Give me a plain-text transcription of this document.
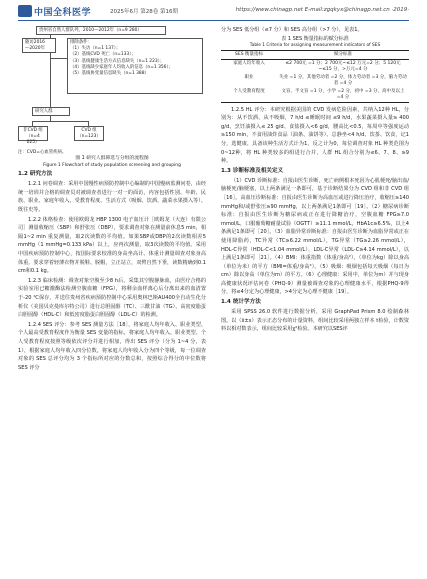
中国全科医学	2025年6月 第28卷 第16期	https://www.chinagp.net E-mail:zgqkyx@chinagp.net.cn ·2019·
贵州省自然人群队列，2010—2012年（n=9 280）
随访2016
—2020年
排除条件：
（1）失访（n=1 137）；
（2）基线CVD 死亡（n=133）；
（3）基线健康生活方式信息缺失（n=1 223）；
（4）基线缺少家庭年人均收入的信息（n=1 356）；
（5）基线协变量信息缺失（n=1 388）
研究人群
非CVD 组
（n=4 025）
CVD 组
（n=123）

注：CVD=心血管疾病。

图 1 研究人群筛选与分组的流程图

Figure 1 Flowchart of study population screening and grouping

1.2 研究方法

1.2.1 问卷调查：采用中国慢性病预防控制中心编制的中国慢病监测问卷，由经统一培训并合格的调查员对被调查者进行一对一的面访，内容包括性别、年龄、民族、职业、家庭年收入、受教育程度、生活方式（吸烟、饮酒、蔬菜水果摄入等）、既往史等。

1.2.2 体格检查：使用欧姆龙 HBP 1300 电子血压计［欧姆龙（大连）有限公司］测量收缩压（SBP）和舒张压（DBP），要求调查对象在测量前休息5 min，相隔1~2 min 重复测量，取2次读数的平均值。如果SBP或DBP的2次读数相差5 mmHg（1 mmHg=0.133 kPa）以上，应再次测量，取3次读数的平均值。采用中国疾病预防控制中心，按国际要求校准的身高坐高计、体重计测量调查对象身高体重。要求穿着轻薄衣物并脱鞋、脱帽，立正站立，双臂自然下垂，读数精确到0.1 cm和0.1 kg。

1.2.3 临床检测：调查对象空腹至少8 h后，采集其空腹静脉血，由医疗合格的实验室用已糖激酶法检测空腹血糖（FPG），将剩余血样离心后分离出来的血清置于-20 ℃保存，并送往贵州省疾病预防控制中心采用奥林巴斯AU400全自动生化分析仪（美国贝克曼库尔特公司）进行总胆固醇（TC）、三酰甘油（TG）、高密度脂蛋白胆固醇（HDL-C）和低密度脂蛋白胆固醇（LDL-C）的检测。

1.2.4 SES 评分：参考 SES 测量方法［18］，将家庭人均年收入、职业类型、个人最高受教育程度作为衡量 SES 变量的指标，将家庭人均年收入、职业类型、个人受教育程度按照等级依次评分并进行相加，得出 SES 评分（分为 1~4 分，表1），根据家庭人均年收入四分位数，将家庭人均年收入分为四个等级，每一位调查对象的 SES 总评分均为 3 个指标所对应的分数总和，按照综合得分的中位数将 SES 评分

分为 SES 低分组（≤7 分）和 SES 高分组（>7 分），见表1。

表 1 SES 衡量指标的赋分标准

Table 1 Criteria for assigning measurement indicators of SES

SES 衡量指标	赋分标准
家庭人均年收入	≤2 700元 =1 分；2 700元~≤12 万元=2 分；5 120元~≤15 分，>万元=4 分
职业	失业 =1 分，其他劳动者 =2 分，体力劳动者 =3 分，脑力劳动者 =4 分
个人受教育程度	文盲、半文盲 =1 分，小学 =2 分，初中 =3 分，高中及以上 =4 分

1.2.5 HL 评分：本研究根据美国的 CVD 发病危险因素，共纳入12种 HL，分别为：从不饮酒、从不吸烟，7 h/d ≤睡眠时间 ≤9 h/d，水果蔬菜摄入量≥ 400 g/d、烹饪油摄入≤ 25 g/d、食盐摄入<6 g/d，腰高比<0.5，每周中等强度运动≥150 min，不食用油炸食品（油条、油饼等）、总静坐<4 h/d、饮茶、饮食，记1分，选健康，具备该种生活方式计为1，反之计为0，每位调查对象 HL 种类范围为0~12种，将 HL 种类较多的组进行合并，人群 HL 组合分别为≤6、7、8、≥9 种。

1.3 诊断标准及相关定义

（1）CVD 诊断标准：自报由医生诊断，死亡病例根本死因为心肌梗死/脑出血/脑梗死/脑梗塞，以上两条满足一条即可，基于诊断结果分为 CVD 组和非 CVD 组［16］。高血压诊断标准：自报由医生诊断为高血压或进行降压治疗，收缩压≥140 mmHg和/或舒张压≥90 mmHg，以上两条满足1条即可［19］。（2）糖尿病诊断标准：自报由医生诊断为糖尿病或正在进行降糖治疗，空腹血糖 FPG≥7.0 mmol/L，口服葡萄糖耐量试验（OGTT）≥11.1 mmol/L，HbA1c≥6.5%，以上4条满足1条即可［20］。（3）血脂异常诊断标准：自报由医生诊断为血脂异常或正在使用降脂药，TC异常（TC≥6.22 mmol/L），TG异常（TG≥2.26 mmol/L），HDL-C异常（HDL-C<1.04 mmol/L），LDL-C异常（LDL-C≥4.14 mmol/L），以上满足1条即可［21］。（4）BMI：体重指数（体重/身高²），（单位为kg）除以身高（单位为米）的平方（BMI=体重/身高²）。（5）吸烟：吸烟包括每天吸烟（每日为cm）除以身高（单位为m）的平方。（6）心理健康：采用中，单位为m）并与现身高健康状况评估问卷（PHQ-9）测量被调查对象的心理健康水平，根据PHQ-9得分，将≤4分定为心理健康，>4分定为心理不健康［19］。

1.4 统计学方法

采用 SPSS 26.0 软件进行数据分析，采用 GraphPad Prism 8.0 绘制森林图。以（x̄±s）表示正态分布的计量资料，组间比较采用两独立样本 t检验，计数资料以相对数表示，组间比较采用χ²检验。本研究以SES评
